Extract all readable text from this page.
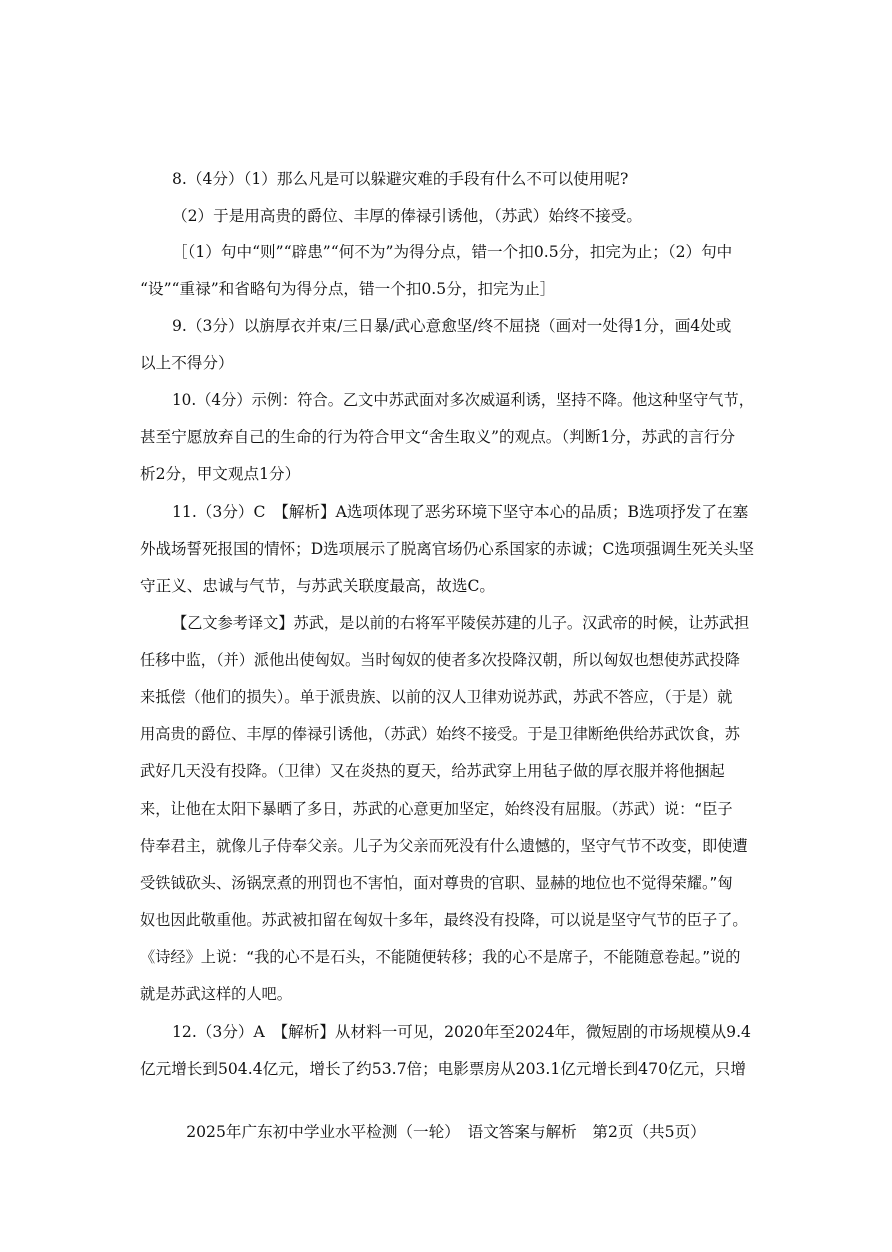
8.（4分）（1）那么凡是可以躲避灾难的手段有什么不可以使用呢?
（2）于是用高贵的爵位、丰厚的俸禄引诱他，（苏武）始终不接受。
［（1）句中“则”“辟患”“何不为”为得分点，错一个扣0.5分，扣完为止；（2）句中
“设”“重禄”和省略句为得分点，错一个扣0.5分，扣完为止］
9.（3分）以旃厚衣并束/三日暴/武心意愈坚/终不屈挠（画对一处得1分，画4处或
以上不得分）
10.（4分）示例：符合。乙文中苏武面对多次威逼利诱，坚持不降。他这种坚守气节，
甚至宁愿放弃自己的生命的行为符合甲文“舍生取义”的观点。（判断1分，苏武的言行分
析2分，甲文观点1分）
11.（3分）C　【解析】A选项体现了恶劣环境下坚守本心的品质；B选项抒发了在塞
外战场誓死报国的情怀；D选项展示了脱离官场仍心系国家的赤诚；C选项强调生死关头坚
守正义、忠诚与气节，与苏武关联度最高，故选C。
【乙文参考译文】苏武，是以前的右将军平陵侯苏建的儿子。汉武帝的时候，让苏武担
任移中监，（并）派他出使匈奴。当时匈奴的使者多次投降汉朝，所以匈奴也想使苏武投降
来抵偿（他们的损失）。单于派贵族、以前的汉人卫律劝说苏武，苏武不答应，（于是）就
用高贵的爵位、丰厚的俸禄引诱他，（苏武）始终不接受。于是卫律断绝供给苏武饮食，苏
武好几天没有投降。（卫律）又在炎热的夏天，给苏武穿上用毡子做的厚衣服并将他捆起
来，让他在太阳下暴晒了多日，苏武的心意更加坚定，始终没有屈服。（苏武）说：“臣子
侍奉君主，就像儿子侍奉父亲。儿子为父亲而死没有什么遗憾的，坚守气节不改变，即使遭
受铁钺砍头、汤锅烹煮的刑罚也不害怕，面对尊贵的官职、显赫的地位也不觉得荣耀。”匈
奴也因此敬重他。苏武被扣留在匈奴十多年，最终没有投降，可以说是坚守气节的臣子了。
《诗经》上说：“我的心不是石头，不能随便转移；我的心不是席子，不能随意卷起。”说的
就是苏武这样的人吧。
12.（3分）A　【解析】从材料一可见，2020年至2024年，微短剧的市场规模从9.4
亿元增长到504.4亿元，增长了约53.7倍；电影票房从203.1亿元增长到470亿元，只增
2025年广东初中学业水平检测（一轮）　语文答案与解析　第2页（共5页）
